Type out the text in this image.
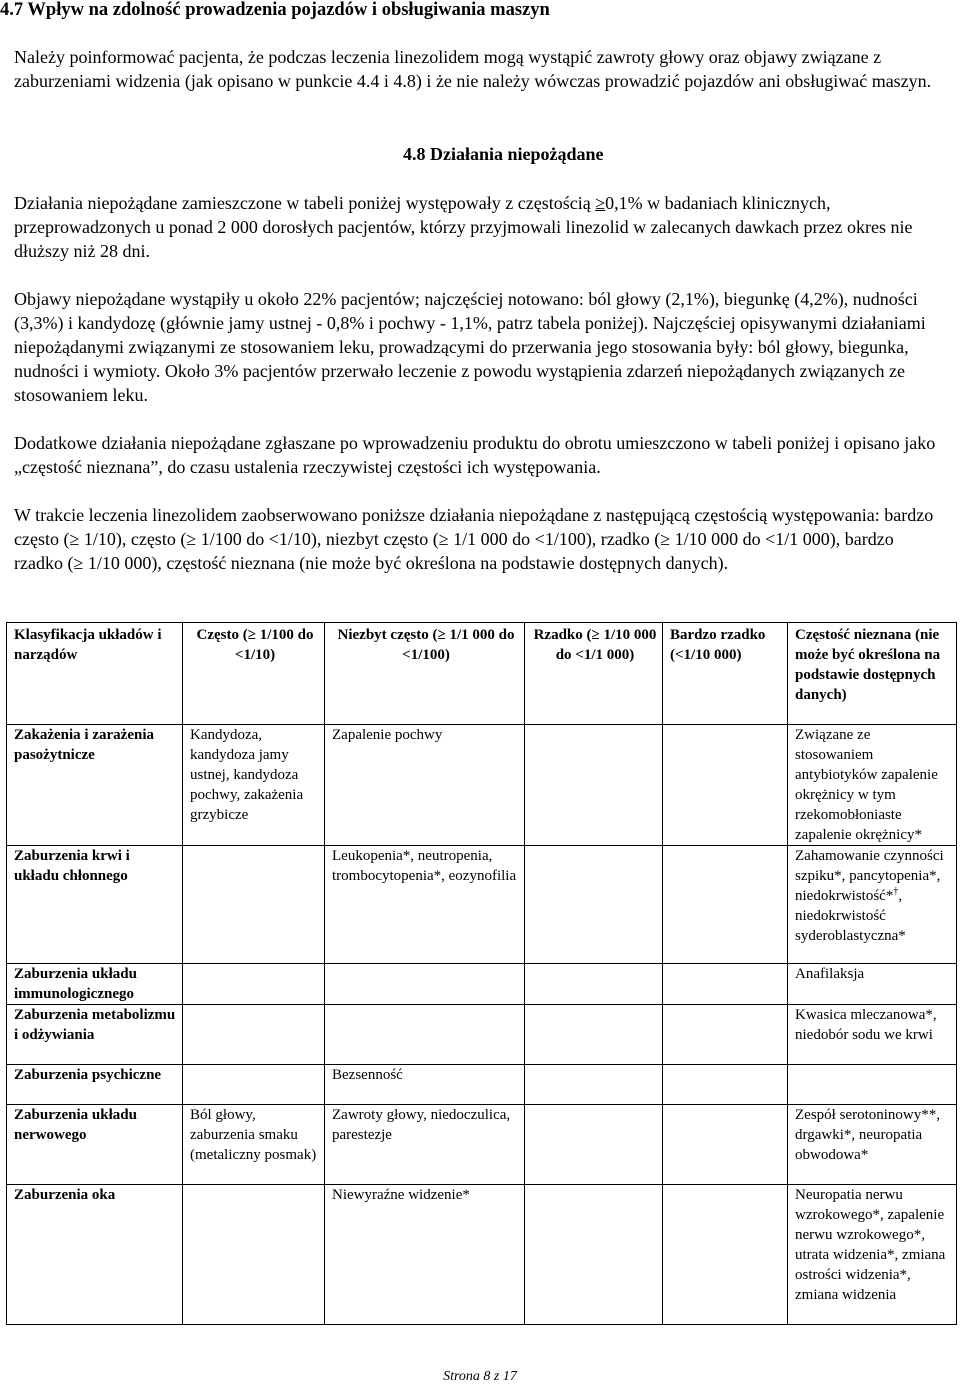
4.7 Wpływ na zdolność prowadzenia pojazdów i obsługiwania maszyn

Należy poinformować pacjenta, że podczas leczenia linezolidem mogą wystąpić zawroty głowy oraz objawy związane z zaburzeniami widzenia (jak opisano w punkcie 4.4 i 4.8) i że nie należy wówczas prowadzić pojazdów ani obsługiwać maszyn.

4.8 Działania niepożądane

Działania niepożądane zamieszczone w tabeli poniżej występowały z częstością ≥0,1% w badaniach klinicznych, przeprowadzonych u ponad 2 000 dorosłych pacjentów, którzy przyjmowali linezolid w zalecanych dawkach przez okres nie dłuższy niż 28 dni.

Objawy niepożądane wystąpiły u około 22% pacjentów; najczęściej notowano: ból głowy (2,1%), biegunkę (4,2%), nudności (3,3%) i kandydozę (głównie jamy ustnej - 0,8% i pochwy - 1,1%, patrz tabela poniżej). Najczęściej opisywanymi działaniami niepożądanymi związanymi ze stosowaniem leku, prowadzącymi do przerwania jego stosowania były: ból głowy, biegunka, nudności i wymioty. Około 3% pacjentów przerwało leczenie z powodu wystąpienia zdarzeń niepożądanych związanych ze stosowaniem leku.

Dodatkowe działania niepożądane zgłaszane po wprowadzeniu produktu do obrotu umieszczono w tabeli poniżej i opisano jako „częstość nieznana”, do czasu ustalenia rzeczywistej częstości ich występowania.

W trakcie leczenia linezolidem zaobserwowano poniższe działania niepożądane z następującą częstością występowania: bardzo często (≥ 1/10), często (≥ 1/100 do <1/10), niezbyt często (≥ 1/1 000 do <1/100), rzadko (≥ 1/10 000 do <1/1 000), bardzo rzadko (≥ 1/10 000), częstość nieznana (nie może być określona na podstawie dostępnych danych).

Klasyfikacja układów i narządów	Często (≥ 1/100 do <1/10)	Niezbyt często (≥ 1/1 000 do <1/100)	Rzadko (≥ 1/10 000 do <1/1 000)	Bardzo rzadko (<1/10 000)	Częstość nieznana (nie może być określona na podstawie dostępnych danych)
Zakażenia i zarażenia pasożytnicze	Kandydoza, kandydoza jamy ustnej, kandydoza pochwy, zakażenia grzybicze	Zapalenie pochwy			Związane ze stosowaniem antybiotyków zapalenie okrężnicy w tym rzekomobłoniaste zapalenie okrężnicy*
Zaburzenia krwi i układu chłonnego		Leukopenia*, neutropenia, trombocytopenia*, eozynofilia			Zahamowanie czynności szpiku*, pancytopenia*, niedokrwistość*†, niedokrwistość syderoblastyczna*
Zaburzenia układu immunologicznego					Anafilaksja
Zaburzenia metabolizmu i odżywiania					Kwasica mleczanowa*, niedobór sodu we krwi
Zaburzenia psychiczne		Bezsenność			
Zaburzenia układu nerwowego	Ból głowy, zaburzenia smaku (metaliczny posmak)	Zawroty głowy, niedoczulica, parestezje			Zespół serotoninowy**, drgawki*, neuropatia obwodowa*
Zaburzenia oka		Niewyraźne widzenie*			Neuropatia nerwu wzrokowego*, zapalenie nerwu wzrokowego*, utrata widzenia*, zmiana ostrości widzenia*, zmiana widzenia
Strona 8 z 17
